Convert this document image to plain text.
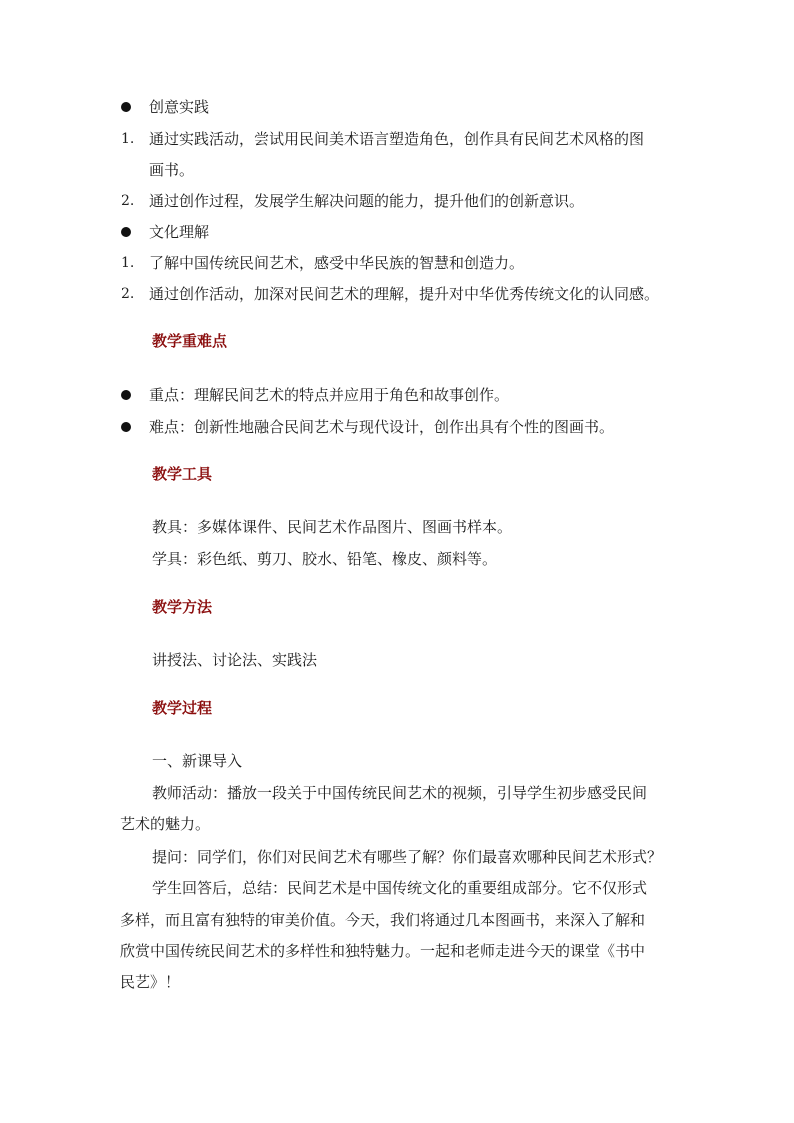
创意实践
1. 通过实践活动，尝试用民间美术语言塑造角色，创作具有民间艺术风格的图
画书。
2. 通过创作过程，发展学生解决问题的能力，提升他们的创新意识。
文化理解
1. 了解中国传统民间艺术，感受中华民族的智慧和创造力。
2. 通过创作活动，加深对民间艺术的理解，提升对中华优秀传统文化的认同感。
教学重难点
重点：理解民间艺术的特点并应用于角色和故事创作。
难点：创新性地融合民间艺术与现代设计，创作出具有个性的图画书。
教学工具
教具：多媒体课件、民间艺术作品图片、图画书样本。
学具：彩色纸、剪刀、胶水、铅笔、橡皮、颜料等。
教学方法
讲授法、讨论法、实践法
教学过程
一、新课导入
教师活动：播放一段关于中国传统民间艺术的视频，引导学生初步感受民间
艺术的魅力。
提问：同学们，你们对民间艺术有哪些了解？你们最喜欢哪种民间艺术形式？
学生回答后，总结：民间艺术是中国传统文化的重要组成部分。它不仅形式
多样，而且富有独特的审美价值。今天，我们将通过几本图画书，来深入了解和
欣赏中国传统民间艺术的多样性和独特魅力。一起和老师走进今天的课堂《书中
民艺》！
